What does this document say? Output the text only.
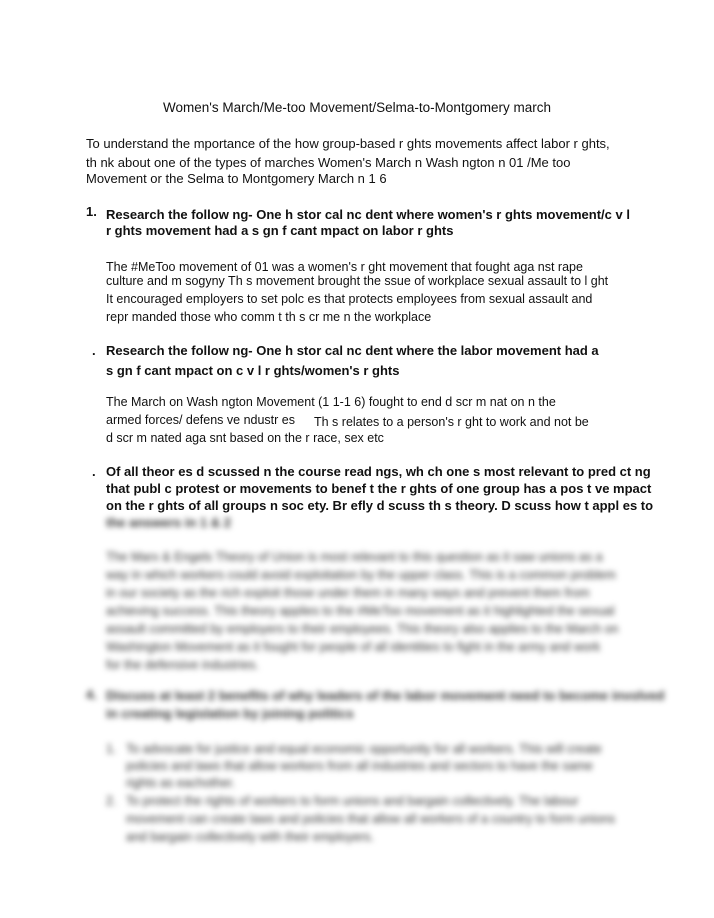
Women's March/Me-too Movement/Selma-to-Montgomery march
To understand the mportance of the how group-based r ghts movements affect labor r ghts,
th nk about one of the types of marches Women's March n Wash ngton n 01 /Me too
Movement or the Selma to Montgomery March n 1 6
1. Research the follow ng- One h stor cal nc dent where women's r ghts movement/c v l
r ghts movement had a s gn f cant mpact on labor r ghts
The #MeToo movement of 01 was a women's r ght movement that fought aga nst rape
culture and m sogyny Th s movement brought the ssue of workplace sexual assault to l ght
It encouraged employers to set polc es that protects employees from sexual assault and
repr manded those who comm t th s cr me n the workplace
. Research the follow ng- One h stor cal nc dent where the labor movement had a
s gn f cant mpact on c v l r ghts/women's r ghts
The March on Wash ngton Movement (1 1-1 6) fought to end d scr m nat on n the
armed forces/ defens ve ndustr es Th s relates to a person's r ght to work and not be
d scr m nated aga snt based on the r race, sex etc
. Of all theor es d scussed n the course read ngs, wh ch one s most relevant to pred ct ng
that publ c protest or movements to benef t the r ghts of one group has a pos t ve mpact
on the r ghts of all groups n soc ety. Br efly d scuss th s theory. D scuss how t appl es to
the answers in 1 & 2
The Marx & Engels Theory of Union is most relevant to this question as it saw unions as a
way in which workers could avoid exploitation by the upper class. This is a common problem
in our society as the rich exploit those under them in many ways and prevent them from
achieving success. This theory applies to the #MeToo movement as it highlighted the sexual
assault committed by employers to their employees. This theory also applies to the March on
Washington Movement as it fought for people of all identities to fight in the army and work
for the defensive industries.
4. Discuss at least 2 benefits of why leaders of the labor movement need to become involved
in creating legislation by joining politics
1. To advocate for justice and equal economic opportunity for all workers. This will create
policies and laws that allow workers from all industries and sectors to have the same
rights as eachother.
2. To protect the rights of workers to form unions and bargain collectively. The labour
movement can create laws and policies that allow all workers of a country to form unions
and bargain collectively with their employers.
